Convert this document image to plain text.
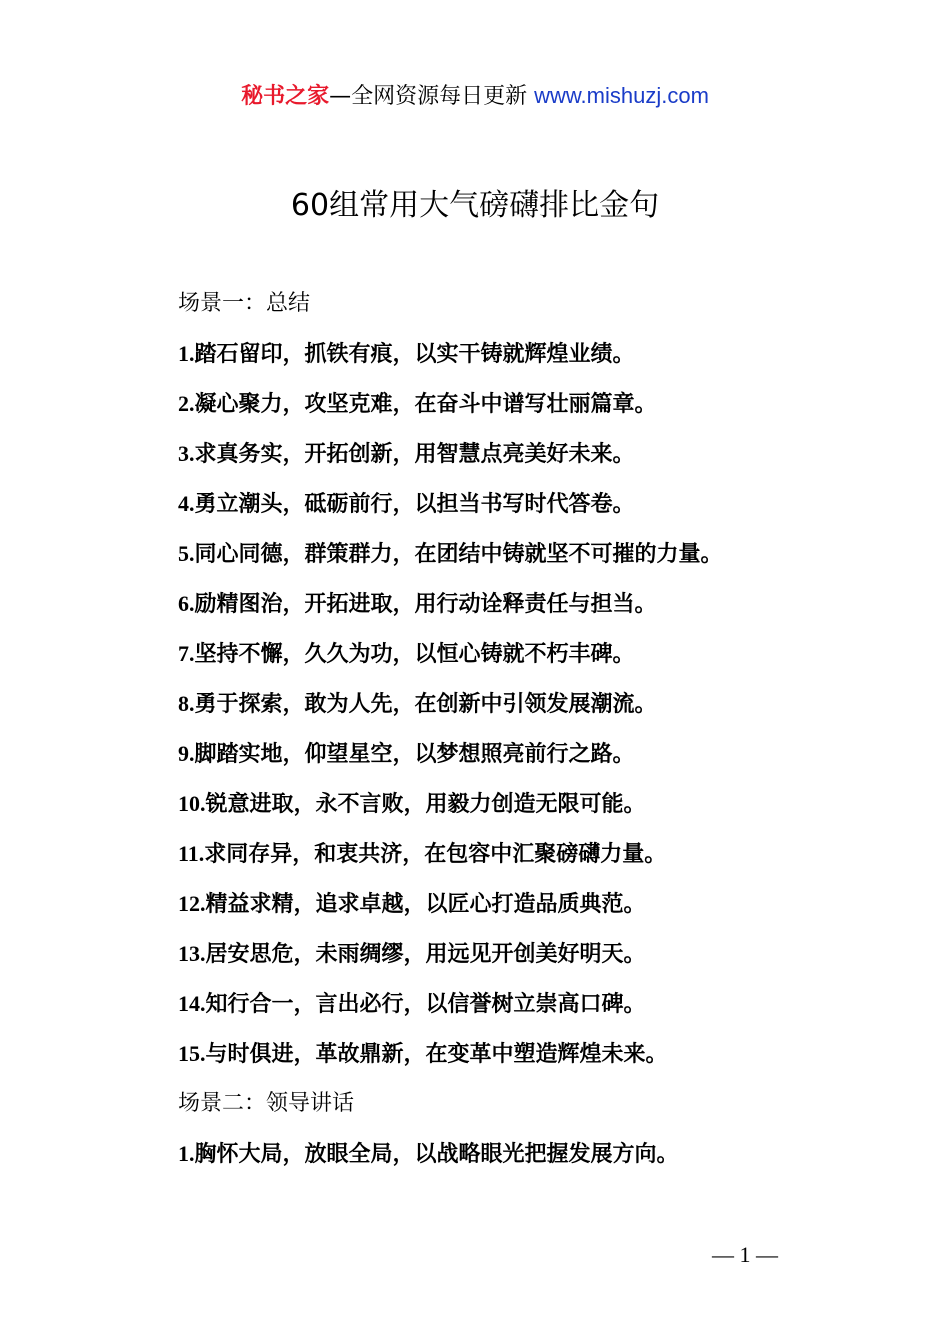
秘书之家—全网资源每日更新 www.mishuzj.com
60组常用大气磅礴排比金句
场景一：总结
1.踏石留印，抓铁有痕，以实干铸就辉煌业绩。
2.凝心聚力，攻坚克难，在奋斗中谱写壮丽篇章。
3.求真务实，开拓创新，用智慧点亮美好未来。
4.勇立潮头，砥砺前行，以担当书写时代答卷。
5.同心同德，群策群力，在团结中铸就坚不可摧的力量。
6.励精图治，开拓进取，用行动诠释责任与担当。
7.坚持不懈，久久为功，以恒心铸就不朽丰碑。
8.勇于探索，敢为人先，在创新中引领发展潮流。
9.脚踏实地，仰望星空，以梦想照亮前行之路。
10.锐意进取，永不言败，用毅力创造无限可能。
11.求同存异，和衷共济，在包容中汇聚磅礴力量。
12.精益求精，追求卓越，以匠心打造品质典范。
13.居安思危，未雨绸缪，用远见开创美好明天。
14.知行合一，言出必行，以信誉树立崇高口碑。
15.与时俱进，革故鼎新，在变革中塑造辉煌未来。
场景二：领导讲话
1.胸怀大局，放眼全局，以战略眼光把握发展方向。
— 1 —
